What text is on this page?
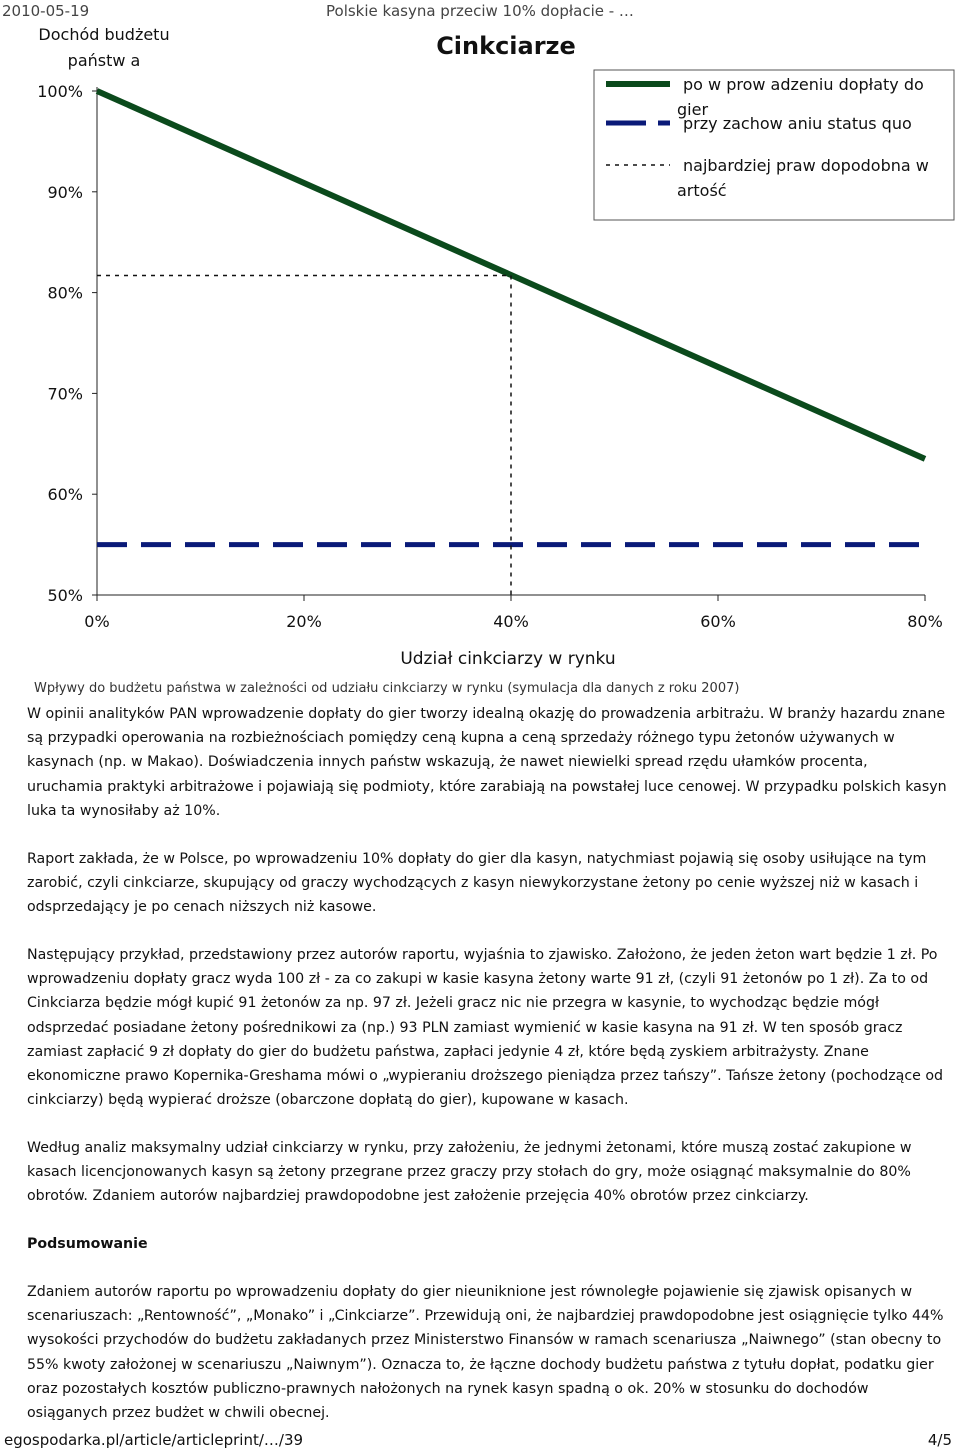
2010-05-19	Polskie kasyna przeciw 10% dopłacie - …
100%
90%
80%
70%
60%
50%
0%	20%	40%	60%	80%
Cinkciarze
Udział cinkciarzy w rynku
Dochód budżetu
państw a
po w prow adzeniu dopłaty do
gier
przy zachow aniu status quo
najbardziej praw dopodobna w
artość
Wpływy do budżetu państwa w zależności od udziału cinkciarzy w rynku (symulacja dla danych z roku 2007)

W opinii analityków PAN wprowadzenie dopłaty do gier tworzy idealną okazję do prowadzenia arbitrażu. W branży hazardu znane są przypadki operowania na rozbieżnościach pomiędzy ceną kupna a ceną sprzedaży różnego typu żetonów używanych w kasynach (np. w Makao). Doświadczenia innych państw wskazują, że nawet niewielki spread rzędu ułamków procenta, uruchamia praktyki arbitrażowe i pojawiają się podmioty, które zarabiają na powstałej luce cenowej. W przypadku polskich kasyn luka ta wynosiłaby aż 10%.

Raport zakłada, że w Polsce, po wprowadzeniu 10% dopłaty do gier dla kasyn, natychmiast pojawią się osoby usiłujące na tym zarobić, czyli cinkciarze, skupujący od graczy wychodzących z kasyn niewykorzystane żetony po cenie wyższej niż w kasach i odsprzedający je po cenach niższych niż kasowe.

Następujący przykład, przedstawiony przez autorów raportu, wyjaśnia to zjawisko. Założono, że jeden żeton wart będzie 1 zł. Po wprowadzeniu dopłaty gracz wyda 100 zł - za co zakupi w kasie kasyna żetony warte 91 zł, (czyli 91 żetonów po 1 zł). Za to od Cinkciarza będzie mógł kupić 91 żetonów za np. 97 zł. Jeżeli gracz nic nie przegra w kasynie, to wychodząc będzie mógł odsprzedać posiadane żetony pośrednikowi za (np.) 93 PLN zamiast wymienić w kasie kasyna na 91 zł. W ten sposób gracz zamiast zapłacić 9 zł dopłaty do gier do budżetu państwa, zapłaci jedynie 4 zł, które będą zyskiem arbitrażysty. Znane ekonomiczne prawo Kopernika-Greshama mówi o „wypieraniu droższego pieniądza przez tańszy”. Tańsze żetony (pochodzące od cinkciarzy) będą wypierać droższe (obarczone dopłatą do gier), kupowane w kasach.

Według analiz maksymalny udział cinkciarzy w rynku, przy założeniu, że jednymi żetonami, które muszą zostać zakupione w kasach licencjonowanych kasyn są żetony przegrane przez graczy przy stołach do gry, może osiągnąć maksymalnie do 80% obrotów. Zdaniem autorów najbardziej prawdopodobne jest założenie przejęcia 40% obrotów przez cinkciarzy.

Podsumowanie

Zdaniem autorów raportu po wprowadzeniu dopłaty do gier nieuniknione jest równoległe pojawienie się zjawisk opisanych w scenariuszach: „Rentowność”, „Monako” i „Cinkciarze”. Przewidują oni, że najbardziej prawdopodobne jest osiągnięcie tylko 44% wysokości przychodów do budżetu zakładanych przez Ministerstwo Finansów w ramach scenariusza „Naiwnego” (stan obecny to 55% kwoty założonej w scenariuszu „Naiwnym”). Oznacza to, że łączne dochody budżetu państwa z tytułu dopłat, podatku gier oraz pozostałych kosztów publiczno-prawnych nałożonych na rynek kasyn spadną o ok. 20% w stosunku do dochodów osiąganych przez budżet w chwili obecnej.

egospodarka.pl/article/articleprint/…/39	4/5
